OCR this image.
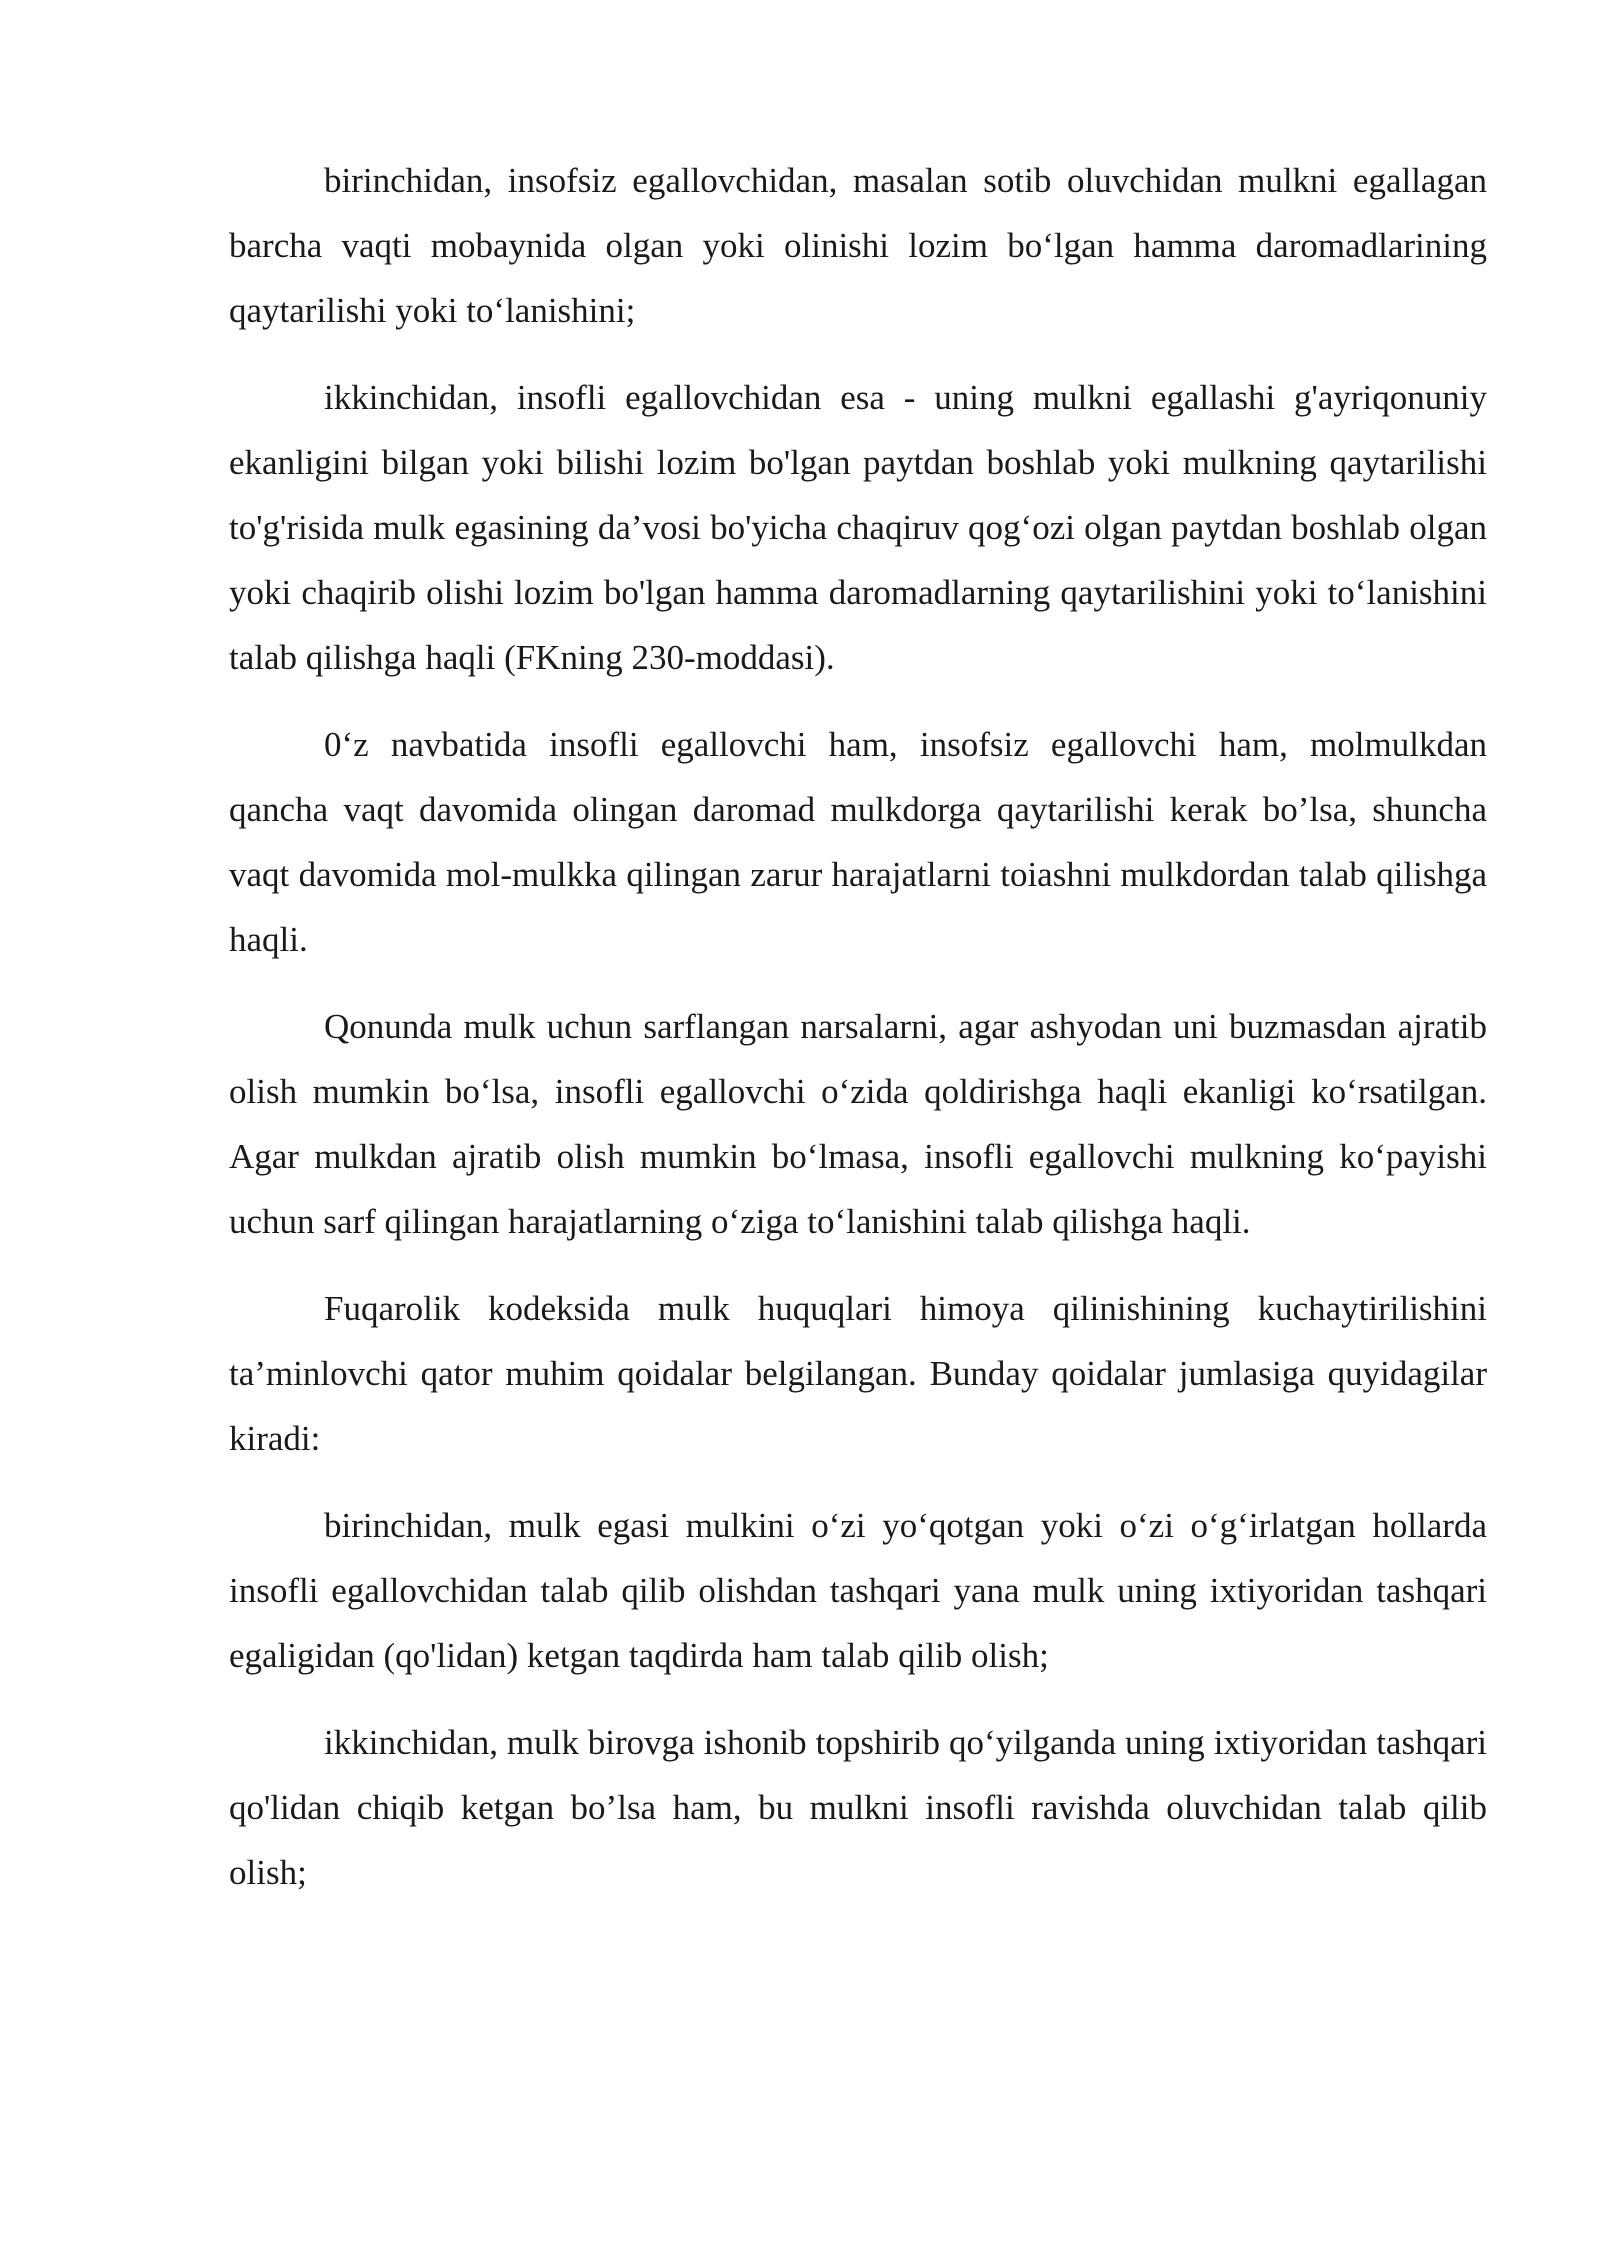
birinchidan, insofsiz egallovchidan, masalan sotib oluvchidan mulkni egallagan barcha vaqti mobaynida olgan yoki olinishi lozim bo‘lgan hamma daromadlarining qaytarilishi yoki to‘lanishini;

ikkinchidan, insofli egallovchidan esa - uning mulkni egallashi g'ayriqonuniy ekanligini bilgan yoki bilishi lozim bo'lgan paytdan boshlab yoki mulkning qaytarilishi to'g'risida mulk egasining da’vosi bo'yicha chaqiruv qog‘ozi olgan paytdan boshlab olgan yoki chaqirib olishi lozim bo'lgan hamma daromadlarning qaytarilishini yoki to‘lanishini talab qilishga haqli (FKning 230-moddasi).

0‘z navbatida insofli egallovchi ham, insofsiz egallovchi ham, molmulkdan qancha vaqt davomida olingan daromad mulkdorga qaytarilishi kerak bo’lsa, shuncha vaqt davomida mol-mulkka qilingan zarur harajatlarni toiashni mulkdordan talab qilishga haqli.

Qonunda mulk uchun sarflangan narsalarni, agar ashyodan uni buzmasdan ajratib olish mumkin bo‘lsa, insofli egallovchi o‘zida qoldirishga haqli ekanligi ko‘rsatilgan. Agar mulkdan ajratib olish mumkin bo‘lmasa, insofli egallovchi mulkning ko‘payishi uchun sarf qilingan harajatlarning o‘ziga to‘lanishini talab qilishga haqli.

Fuqarolik kodeksida mulk huquqlari himoya qilinishining kuchaytirilishini ta’minlovchi qator muhim qoidalar belgilangan. Bunday qoidalar jumlasiga quyidagilar kiradi:

birinchidan, mulk egasi mulkini o‘zi yo‘qotgan yoki o‘zi o‘g‘irlatgan hollarda insofli egallovchidan talab qilib olishdan tashqari yana mulk uning ixtiyoridan tashqari egaligidan (qo'lidan) ketgan taqdirda ham talab qilib olish;

ikkinchidan, mulk birovga ishonib topshirib qo‘yilganda uning ixtiyoridan tashqari qo'lidan chiqib ketgan bo’lsa ham, bu mulkni insofli ravishda oluvchidan talab qilib olish;
